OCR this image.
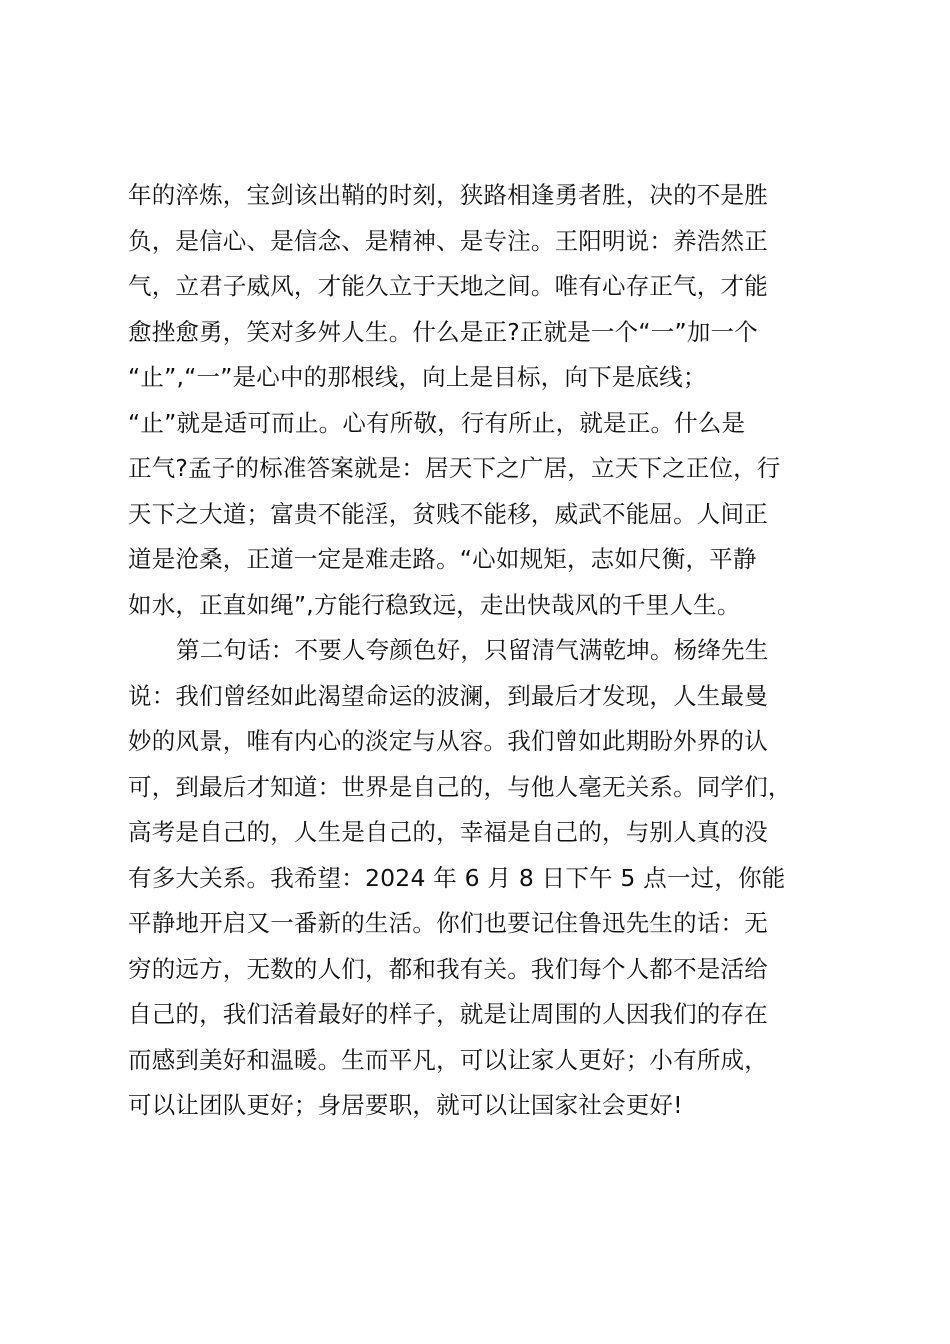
年的淬炼，宝剑该出鞘的时刻，狭路相逢勇者胜，决的不是胜
负，是信心、是信念、是精神、是专注。王阳明说：养浩然正
气，立君子威风，才能久立于天地之间。唯有心存正气，才能
愈挫愈勇，笑对多舛人生。什么是正?正就是一个“一”加一个
“止”,“一”是心中的那根线，向上是目标，向下是底线；
“止”就是适可而止。心有所敬，行有所止，就是正。什么是
正气?孟子的标准答案就是：居天下之广居，立天下之正位，行
天下之大道；富贵不能淫，贫贱不能移，威武不能屈。人间正
道是沧桑，正道一定是难走路。“心如规矩，志如尺衡，平静
如水，正直如绳”,方能行稳致远，走出快哉风的千里人生。
第二句话：不要人夸颜色好，只留清气满乾坤。杨绛先生
说：我们曾经如此渴望命运的波澜，到最后才发现，人生最曼
妙的风景，唯有内心的淡定与从容。我们曾如此期盼外界的认
可，到最后才知道：世界是自己的，与他人毫无关系。同学们，
高考是自己的，人生是自己的，幸福是自己的，与别人真的没
有多大关系。我希望：2024 年 6 月 8 日下午 5 点一过，你能
平静地开启又一番新的生活。你们也要记住鲁迅先生的话：无
穷的远方，无数的人们，都和我有关。我们每个人都不是活给
自己的，我们活着最好的样子，就是让周围的人因我们的存在
而感到美好和温暖。生而平凡，可以让家人更好；小有所成，
可以让团队更好；身居要职，就可以让国家社会更好!
